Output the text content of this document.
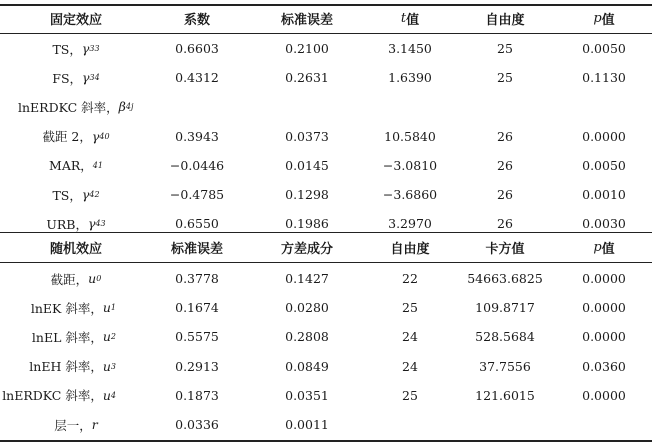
固定效应	系数	标准误差	t 值	自由度	p 值
TS， γ 33	0.6603	0.2100	3.1450	25	0.0050
FS， γ 34	0.4312	0.2631	1.6390	25	0.1130
lnERDKC 斜率， β 4j
截距 2， γ 40	0.3943	0.0373	10.5840	26	0.0000
MAR， 41	−0.0446	0.0145	−3.0810	26	0.0050
TS， γ 42	−0.4785	0.1298	−3.6860	26	0.0010
URB， γ 43	0.6550	0.1986	3.2970	26	0.0030
随机效应	标准误差	方差成分	自由度	卡方值	p 值
截距， u 0	0.3778	0.1427	22	54663.6825	0.0000
lnEK 斜率， u 1	0.1674	0.0280	25	109.8717	0.0000
lnEL 斜率， u 2	0.5575	0.2808	24	528.5684	0.0000
lnEH 斜率， u 3	0.2913	0.0849	24	37.7556	0.0360
lnERDKC 斜率， u 4	0.1873	0.0351	25	121.6015	0.0000
层一， r	0.0336	0.0011
